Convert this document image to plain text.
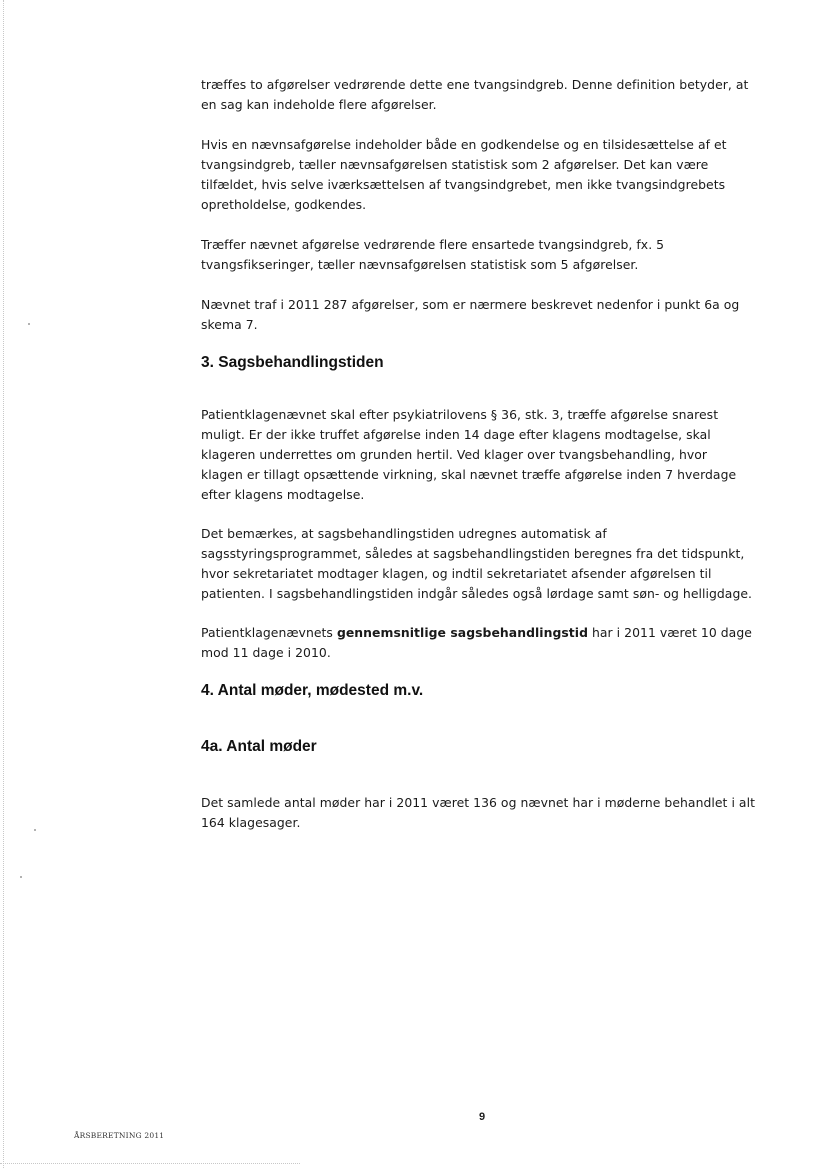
træffes to afgørelser vedrørende dette ene tvangsindgreb. Denne definition betyder, at en sag kan indeholde flere afgørelser.

Hvis en nævnsafgørelse indeholder både en godkendelse og en tilsidesættelse af et tvangsindgreb, tæller nævnsafgørelsen statistisk som 2 afgørelser. Det kan være tilfældet, hvis selve iværksættelsen af tvangsindgrebet, men ikke tvangsindgrebets opretholdelse, godkendes.

Træffer nævnet afgørelse vedrørende flere ensartede tvangsindgreb, fx. 5 tvangsfikseringer, tæller nævnsafgørelsen statistisk som 5 afgørelser.

Nævnet traf i 2011 287 afgørelser, som er nærmere beskrevet nedenfor i punkt 6a og skema 7.

3. Sagsbehandlingstiden

Patientklagenævnet skal efter psykiatrilovens § 36, stk. 3, træffe afgørelse snarest muligt. Er der ikke truffet afgørelse inden 14 dage efter klagens modtagelse, skal klageren underrettes om grunden hertil. Ved klager over tvangsbehandling, hvor klagen er tillagt opsættende virkning, skal nævnet træffe afgørelse inden 7 hverdage efter klagens modtagelse.

Det bemærkes, at sagsbehandlingstiden udregnes automatisk af sagsstyringsprogrammet, således at sagsbehandlingstiden beregnes fra det tidspunkt, hvor sekretariatet modtager klagen, og indtil sekretariatet afsender afgørelsen til patienten. I sagsbehandlingstiden indgår således også lørdage samt søn- og helligdage.

Patientklagenævnets gennemsnitlige sagsbehandlingstid har i 2011 været 10 dage mod 11 dage i 2010.

4. Antal møder, mødested m.v.
4a. Antal møder

Det samlede antal møder har i 2011 været 136 og nævnet har i møderne behandlet i alt 164 klagesager.

9
ÅRSBERETNING 2011
